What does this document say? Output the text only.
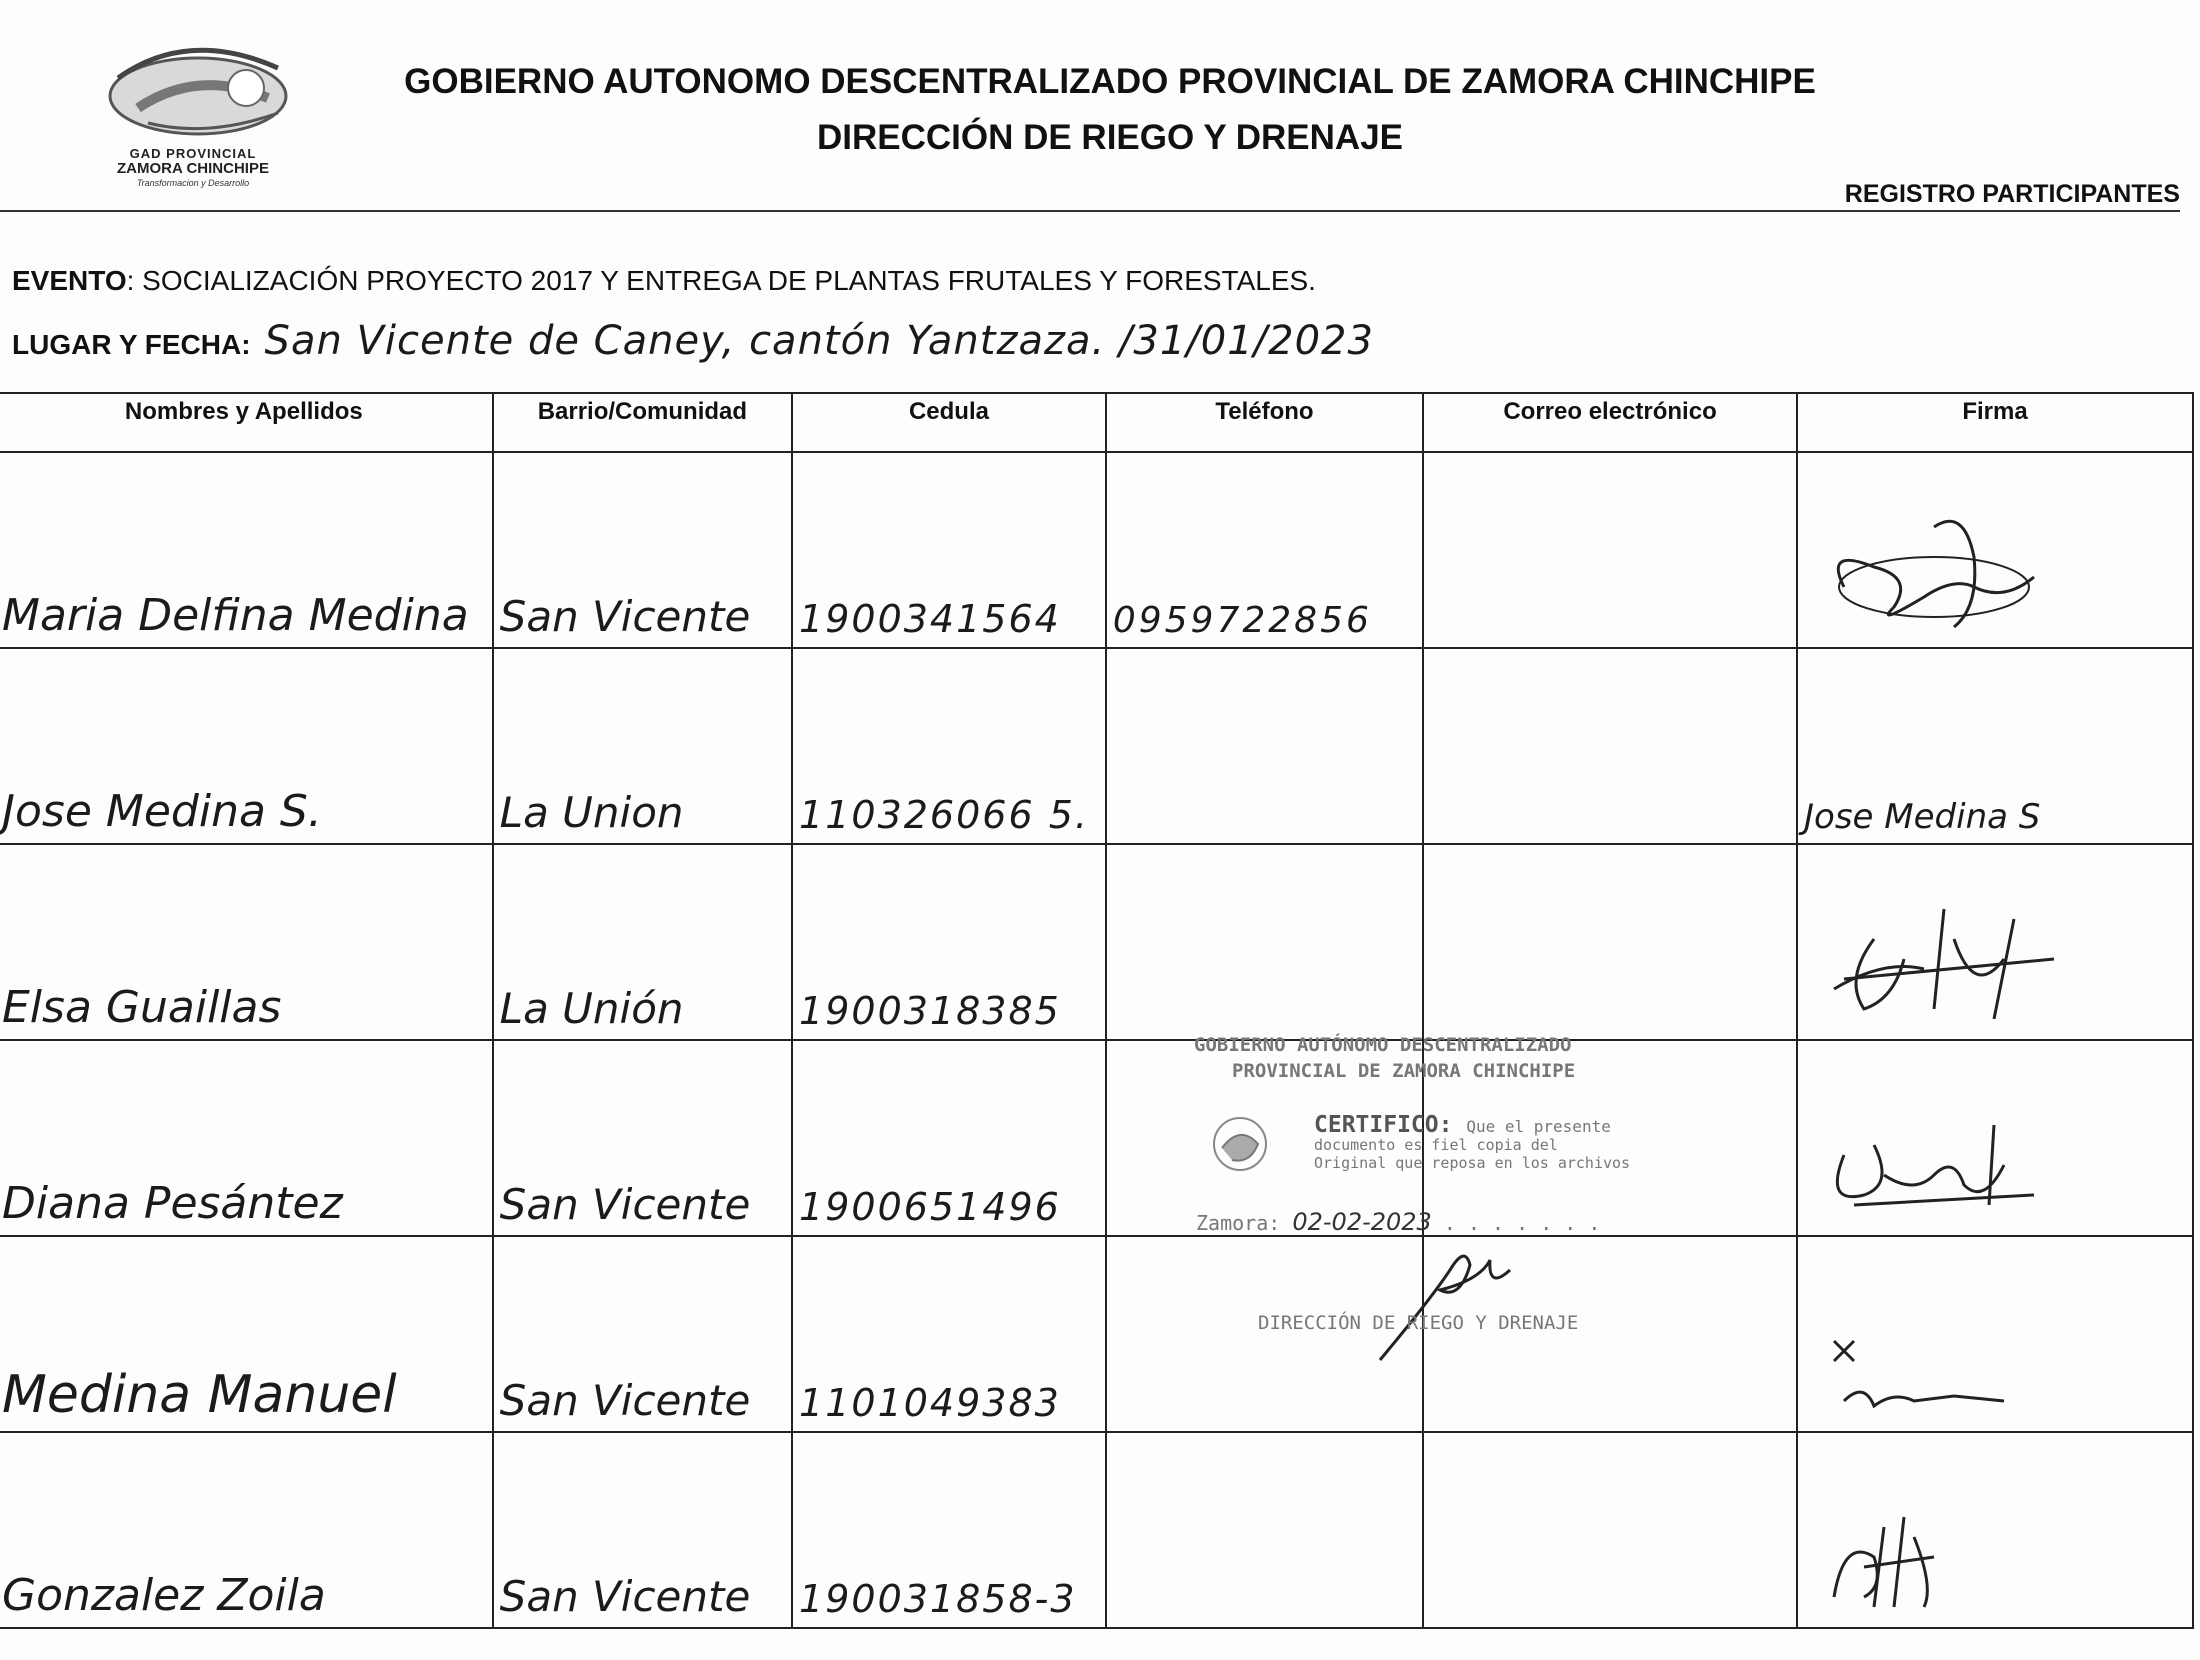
GAD PROVINCIAL
ZAMORA CHINCHIPE
Transformacion y Desarrollo
GOBIERNO AUTONOMO DESCENTRALIZADO PROVINCIAL DE ZAMORA CHINCHIPE
DIRECCIÓN DE RIEGO Y DRENAJE
REGISTRO PARTICIPANTES
EVENTO: SOCIALIZACIÓN PROYECTO 2017 Y ENTREGA DE PLANTAS FRUTALES Y FORESTALES.
LUGAR Y FECHA: San Vicente de Caney, cantón Yantzaza. /31/01/2023
Nombres y Apellidos	Barrio/Comunidad	Cedula	Teléfono	Correo electrónico	Firma
Maria Delfina Medina	San Vicente	1900341564	0959722856		
Jose Medina S.	La Union	110326066 5.			Jose Medina S
Elsa Guaillas	La Unión	1900318385			
Diana Pesántez	San Vicente	1900651496			
Medina Manuel	San Vicente	1101049383			
Gonzalez Zoila	San Vicente	190031858-3			
GOBIERNO AUTÓNOMO DESCENTRALIZADO
PROVINCIAL DE ZAMORA CHINCHIPE
CERTIFICO: Que el presente
documento es fiel copia del
Original que reposa en los archivos
Zamora: 02-02-2023 . . . . . . .
DIRECCIÓN DE RIEGO Y DRENAJE
